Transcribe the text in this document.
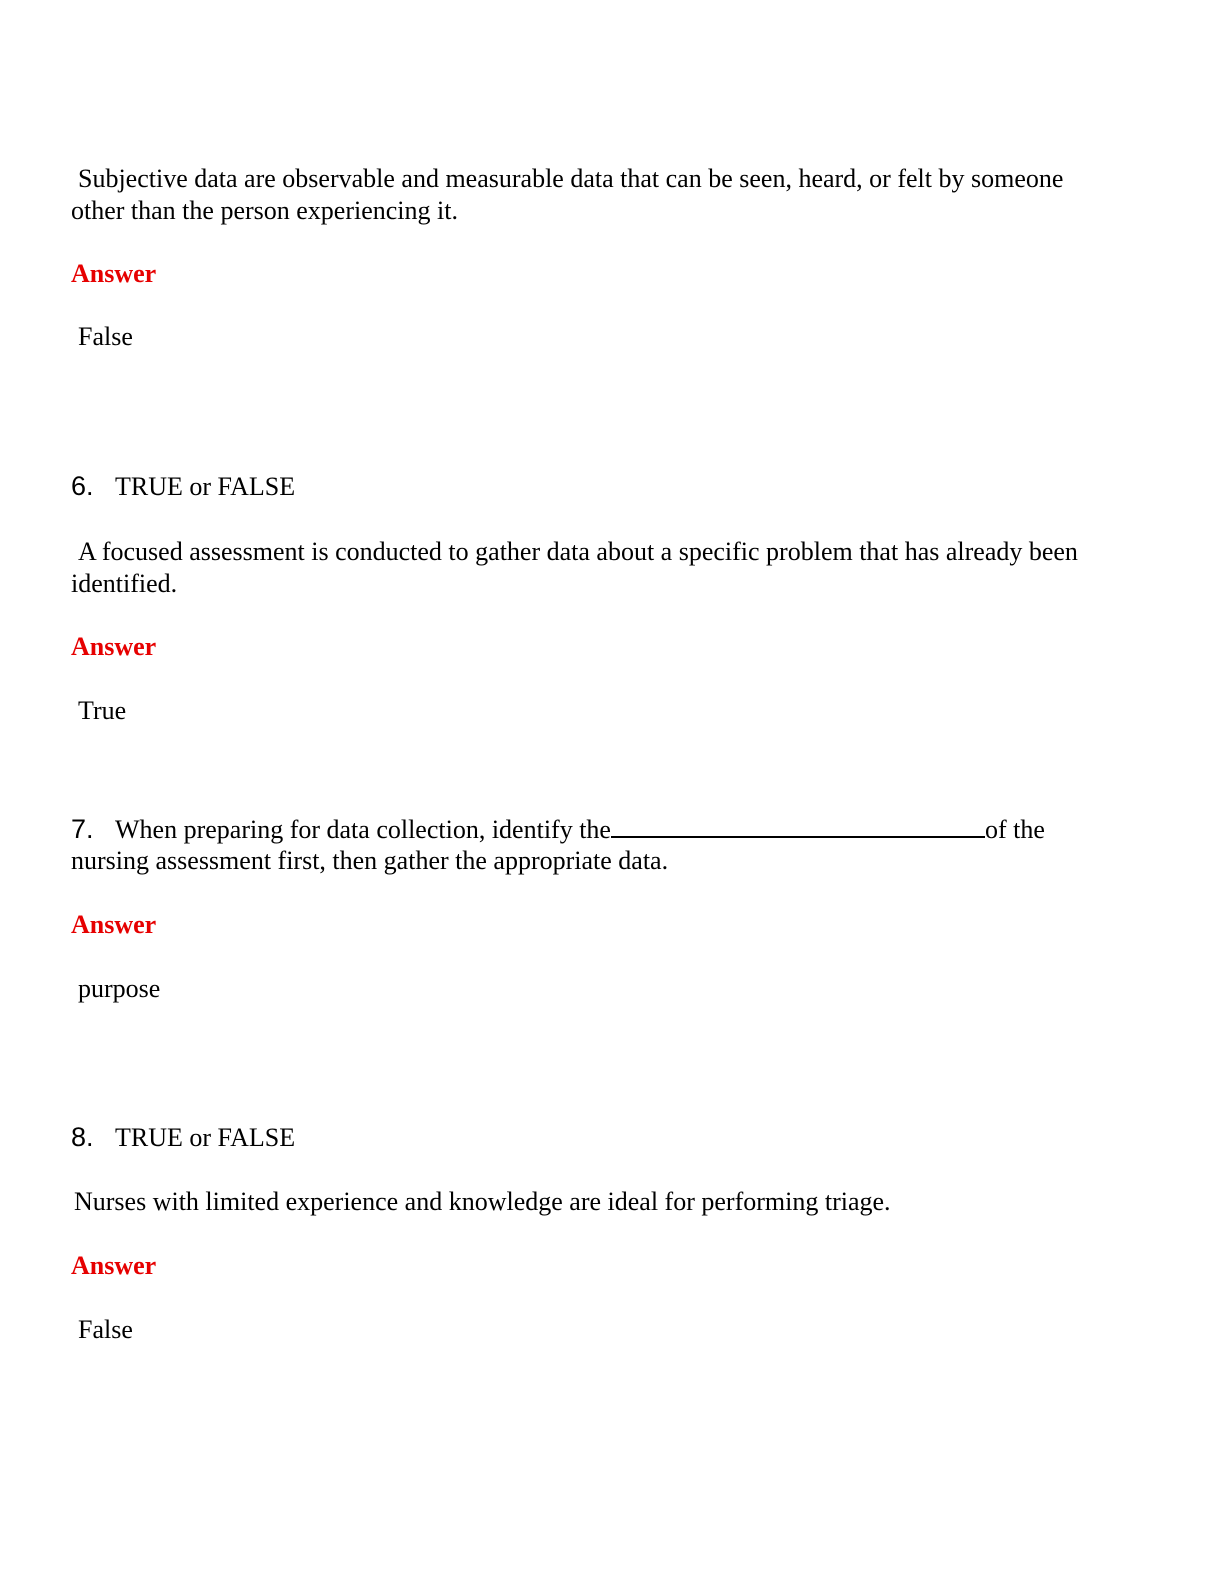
Subjective data are observable and measurable data that can be seen, heard, or felt by someone
other than the person experiencing it.
Answer
False
6. TRUE or FALSE
A focused assessment is conducted to gather data about a specific problem that has already been
identified.
Answer
True
7. When preparing for data collection, identify the	of the
nursing assessment first, then gather the appropriate data.
Answer
purpose
8. TRUE or FALSE
Nurses with limited experience and knowledge are ideal for performing triage.
Answer
False
